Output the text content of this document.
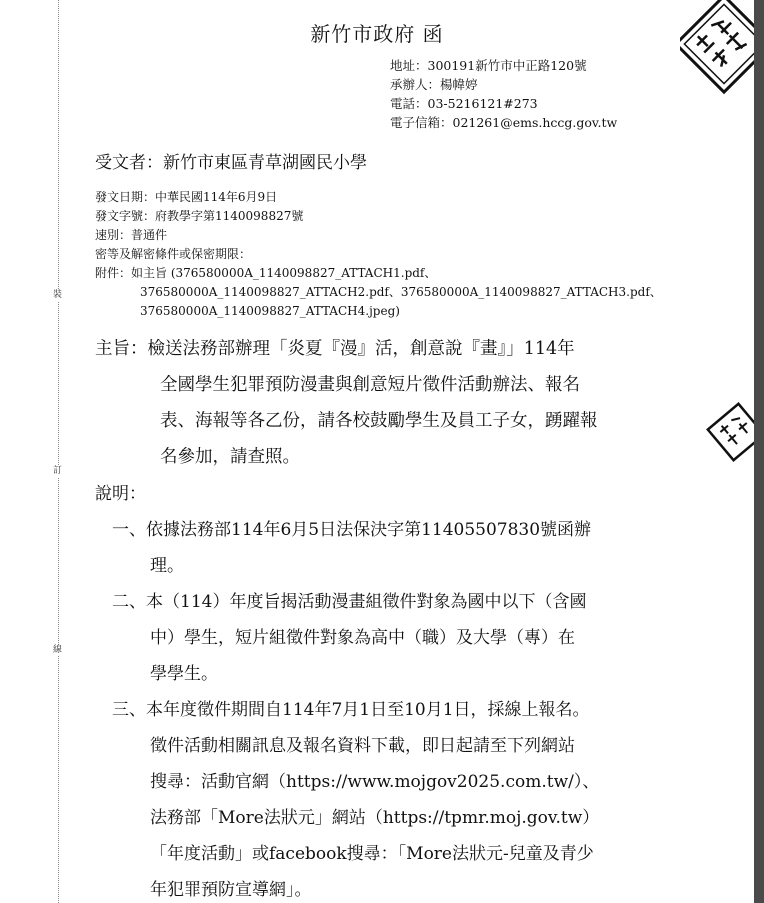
裝
訂
線
新竹市政府 函
地址：300191新竹市中正路120號
承辦人：楊幃婷
電話：03-5216121#273
電子信箱：021261@ems.hccg.gov.tw
受文者：新竹市東區青草湖國民小學
發文日期：中華民國114年6月9日
發文字號：府教學字第1140098827號
速別：普通件
密等及解密條件或保密期限：
附件：如主旨 (376580000A_1140098827_ATTACH1.pdf、
376580000A_1140098827_ATTACH2.pdf、376580000A_1140098827_ATTACH3.pdf、
376580000A_1140098827_ATTACH4.jpeg)
主旨：檢送法務部辦理「炎夏『漫』活，創意說『畫』」114年
全國學生犯罪預防漫畫與創意短片徵件活動辦法、報名
表、海報等各乙份，請各校鼓勵學生及員工子女，踴躍報
名參加，請查照。
說明：
一、依據法務部114年6月5日法保決字第11405507830號函辦
理。
二、本（114）年度旨揭活動漫畫組徵件對象為國中以下（含國
中）學生，短片組徵件對象為高中（職）及大學（專）在
學學生。
三、本年度徵件期間自114年7月1日至10月1日，採線上報名。
徵件活動相關訊息及報名資料下載，即日起請至下列網站
搜尋：活動官網（https://www.mojgov2025.com.tw/）、
法務部「More法狀元」網站（https://tpmr.moj.gov.tw）
「年度活動」或facebook搜尋：「More法狀元-兒童及青少
年犯罪預防宣導網」。
